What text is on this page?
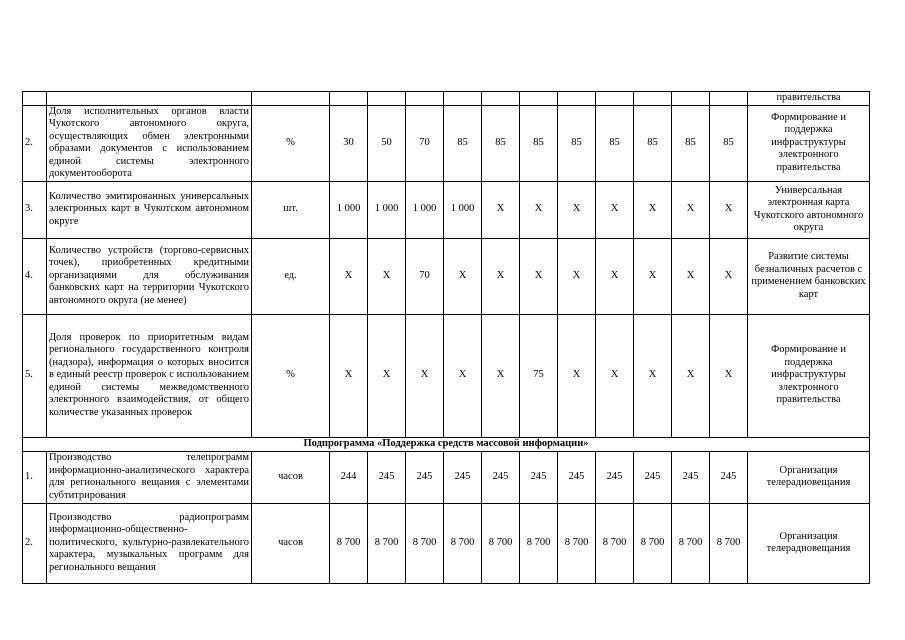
														правительства
2.	Доля исполнительных органов власти Чукотского автономного округа, осуществляющих обмен электронными образами документов с использованием единой системы электронного документооборота	%	30	50	70	85	85	85	85	85	85	85	85	Формирование и поддержка инфраструктуры электронного правительства
3.	Количество эмитированных универсальных электронных карт в Чукотском автономном округе	шт.	1 000	1 000	1 000	1 000	Х	Х	Х	Х	Х	Х	Х	Универсальная электронная карта Чукотского автономного округа
4.	Количество устройств (торгово-сервисных точек), приобретенных кредитными организациями для обслуживания банковских карт на территории Чукотского автономного округа (не менее)	ед.	Х	Х	70	Х	Х	Х	Х	Х	Х	Х	Х	Развитие системы безналичных расчетов с применением банковских карт
5.	Доля проверок по приоритетным видам регионального государственного контроля (надзора), информация о которых вносится в единый реестр проверок с использованием единой системы межведомственного электронного взаимодействия, от общего количестве указанных проверок	%	Х	Х	Х	Х	Х	75	Х	Х	Х	Х	Х	Формирование и поддержка инфраструктуры электронного правительства
Подпрограмма «Поддержка средств массовой информации»														
1.	Производство телепрограмм информационно-аналитического характера для регионального вещания с элементами субтитрирования	часов	244	245	245	245	245	245	245	245	245	245	245	Организация телерадиовещания
2.	Производство радиопрограмм информационно-общественно-политического, культурно-развлекательного характера, музыкальных программ для регионального вещания	часов	8 700	8 700	8 700	8 700	8 700	8 700	8 700	8 700	8 700	8 700	8 700	Организация телерадиовещания
